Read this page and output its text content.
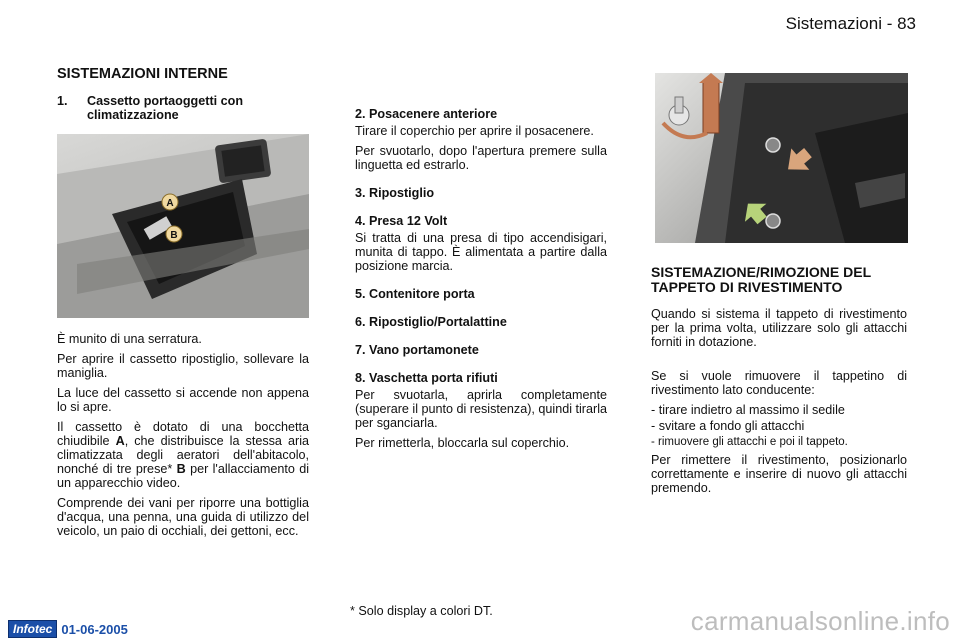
Sistemazioni - 83
SISTEMAZIONI INTERNE
1.	Cassetto portaoggetti con climatizzazione
A
B

È munito di una serratura.

Per aprire il cassetto ripostiglio, sollevare la maniglia.

La luce del cassetto si accende non appena lo si apre.

Il cassetto è dotato di una bocchetta chiudibile A, che distribuisce la stessa aria climatizzata degli aeratori dell'abitacolo, nonché di tre prese* B per l'allacciamento di un apparecchio video.

Comprende dei vani per riporre una bottiglia d'acqua, una penna, una guida di utilizzo del veicolo, un paio di occhiali, dei gettoni, ecc.

2. Posacenere anteriore

Tirare il coperchio per aprire il posacenere.

Per svuotarlo, dopo l'apertura premere sulla linguetta ed estrarlo.

3. Ripostiglio
4. Presa 12 Volt

Si tratta di una presa di tipo accendisigari, munita di tappo. È alimentata a partire dalla posizione marcia.

5. Contenitore porta
6. Ripostiglio/Portalattine
7. Vano portamonete
8. Vaschetta porta rifiuti

Per svuotarla, aprirla completamente (superare il punto di resistenza), quindi tirarla per sganciarla.

Per rimetterla, bloccarla sul coperchio.

SISTEMAZIONE/RIMOZIONE DEL TAPPETO DI RIVESTIMENTO

Quando si sistema il tappeto di rivestimento per la prima volta, utilizzare solo gli attacchi forniti in dotazione.

Se si vuole rimuovere il tappetino di rivestimento lato conducente:

- tirare indietro al massimo il sedile
- svitare a fondo gli attacchi
- rimuovere gli attacchi e poi il tappeto.

Per rimettere il rivestimento, posizionarlo correttamente e inserire di nuovo gli attacchi premendo.

* Solo display a colori DT.
Infotec 01-06-2005	carmanualsonline.info
